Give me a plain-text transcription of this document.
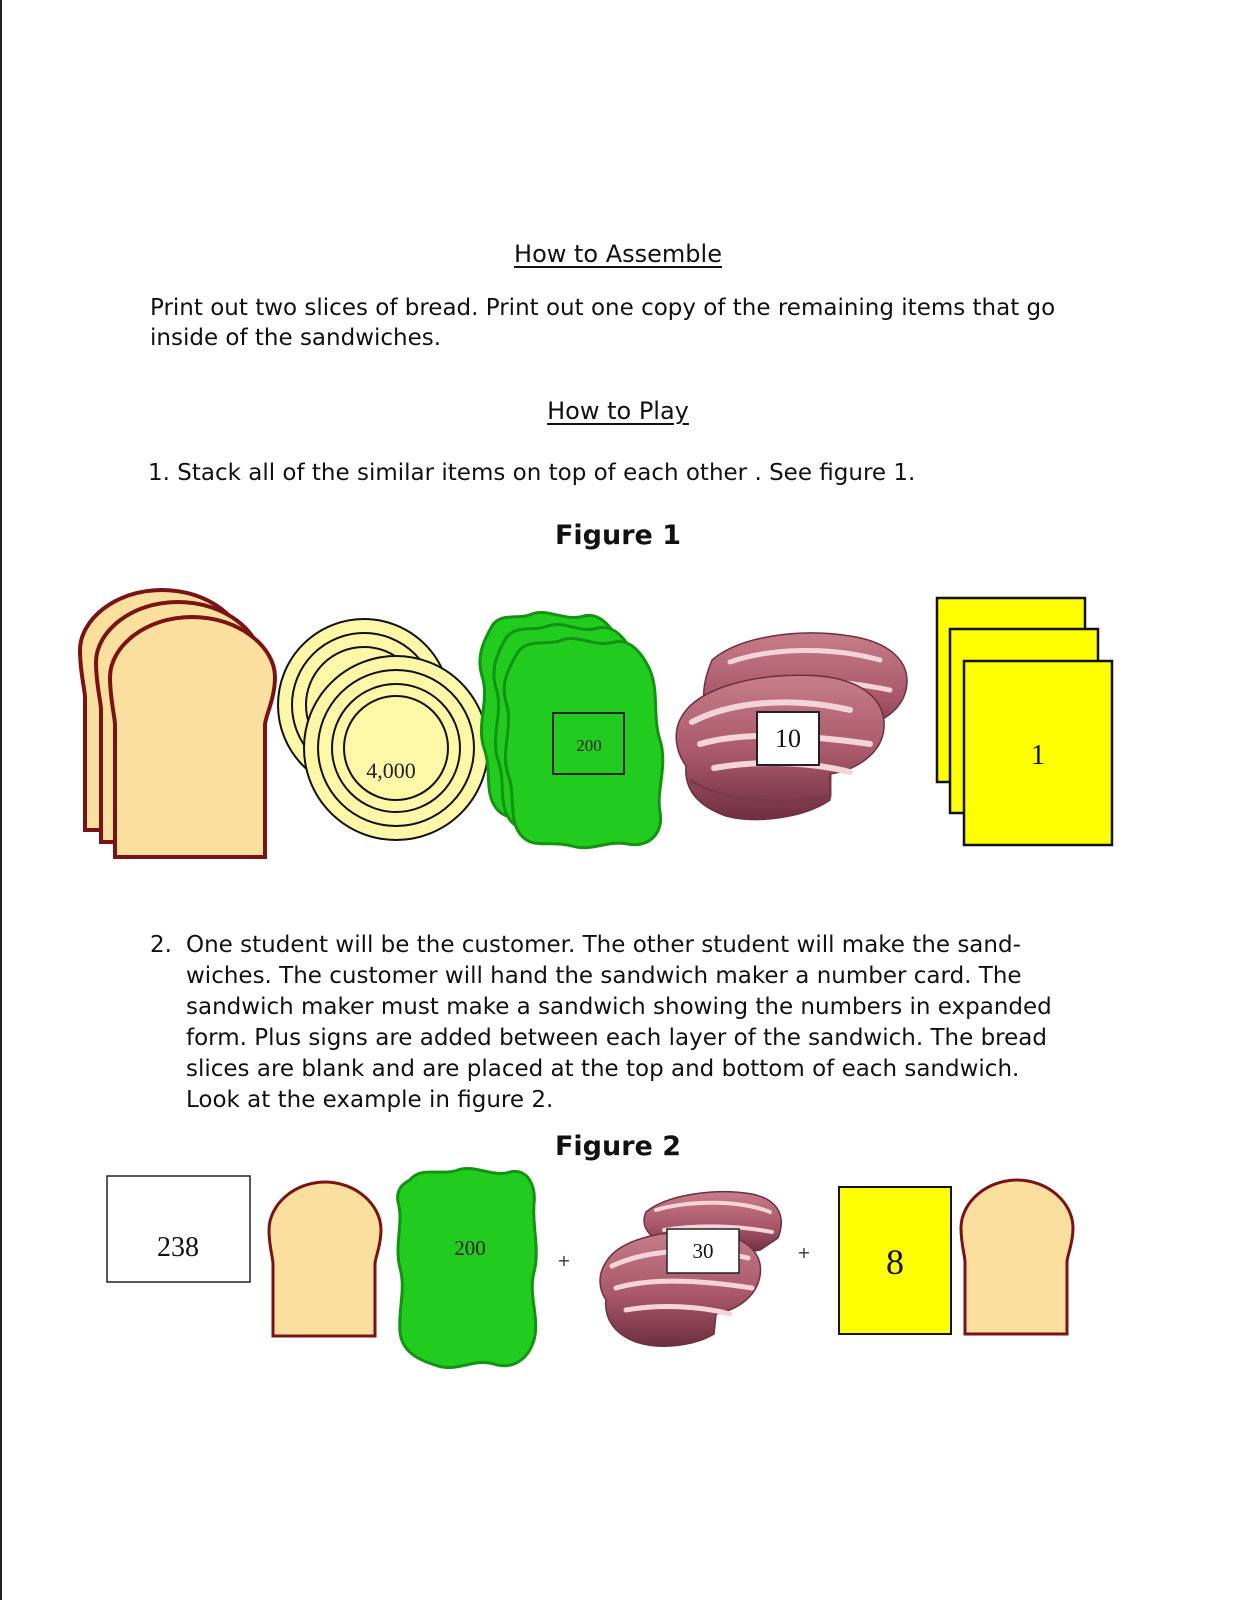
How to Assemble
Print out two slices of bread. Print out one copy of the remaining items that go
inside of the sandwiches.
How to Play
1. Stack all of the similar items on top of each other . See figure 1.
Figure 1
4,000
200	10
1
2. One student will be the customer. The other student will make the sand-
wiches. The customer will hand the sandwich maker a number card. The
sandwich maker must make a sandwich showing the numbers in expanded
form. Plus signs are added between each layer of the sandwich. The bread
slices are blank and are placed at the top and bottom of each sandwich.
Look at the example in figure 2.
Figure 2
238	200
+	30	+ 8
